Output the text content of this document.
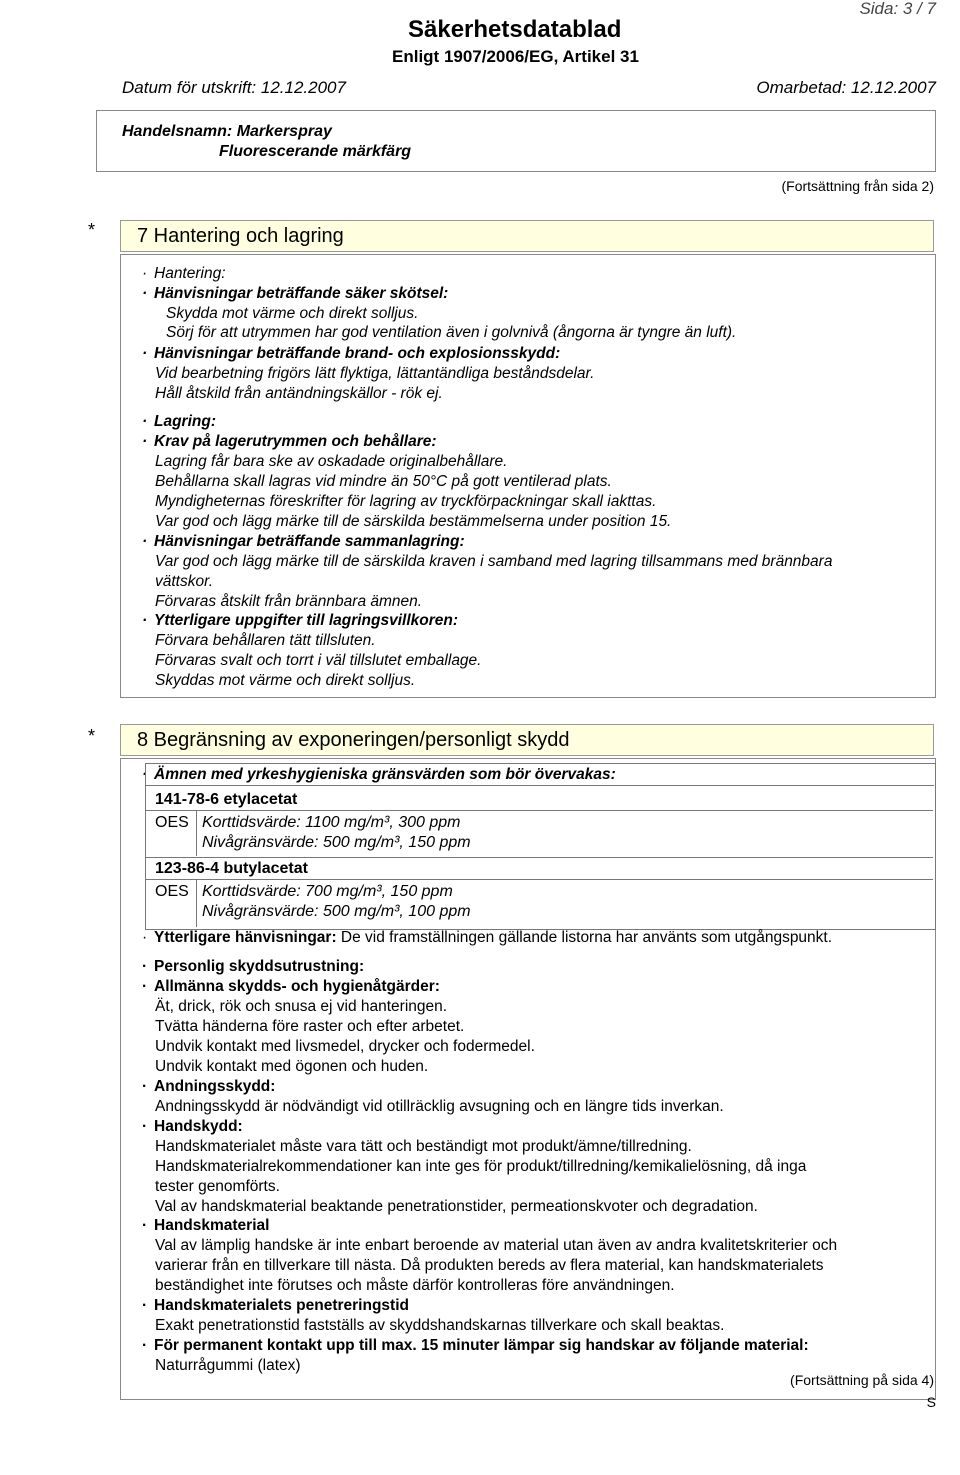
Sida: 3 / 7
Säkerhetsdatablad
Enligt 1907/2006/EG, Artikel 31
Datum för utskrift: 12.12.2007	Omarbetad: 12.12.2007
Handelsnamn: Markerspray
Fluorescerande märkfärg
(Fortsättning från sida 2)
*	7 Hantering och lagring
· Hantering:
· Hänvisningar beträffande säker skötsel:
Skydda mot värme och direkt solljus.
Sörj för att utrymmen har god ventilation även i golvnivå (ångorna är tyngre än luft).
· Hänvisningar beträffande brand- och explosionsskydd:
Vid bearbetning frigörs lätt flyktiga, lättantändliga beståndsdelar.
Håll åtskild från antändningskällor - rök ej.
· Lagring:
· Krav på lagerutrymmen och behållare:
Lagring får bara ske av oskadade originalbehållare.
Behållarna skall lagras vid mindre än 50°C på gott ventilerad plats.
Myndigheternas föreskrifter för lagring av tryckförpackningar skall iakttas.
Var god och lägg märke till de särskilda bestämmelserna under position 15.
· Hänvisningar beträffande sammanlagring:
Var god och lägg märke till de särskilda kraven i samband med lagring tillsammans med brännbara
vättskor.
Förvaras åtskilt från brännbara ämnen.
· Ytterligare uppgifter till lagringsvillkoren:
Förvara behållaren tätt tillsluten.
Förvaras svalt och torrt i väl tillslutet emballage.
Skyddas mot värme och direkt solljus.
*	8 Begränsning av exponeringen/personligt skydd
· Ämnen med yrkeshygieniska gränsvärden som bör övervakas:
141-78-6 etylacetat
OES Korttidsvärde: 1100 mg/m³, 300 ppm
Nivågränsvärde: 500 mg/m³, 150 ppm
123-86-4 butylacetat
OES Korttidsvärde: 700 mg/m³, 150 ppm
Nivågränsvärde: 500 mg/m³, 100 ppm
· Ytterligare hänvisningar: De vid framställningen gällande listorna har använts som utgångspunkt.
· Personlig skyddsutrustning:
· Allmänna skydds- och hygienåtgärder:
Ät, drick, rök och snusa ej vid hanteringen.
Tvätta händerna före raster och efter arbetet.
Undvik kontakt med livsmedel, drycker och fodermedel.
Undvik kontakt med ögonen och huden.
· Andningsskydd:
Andningsskydd är nödvändigt vid otillräcklig avsugning och en längre tids inverkan.
· Handskydd:
Handskmaterialet måste vara tätt och beständigt mot produkt/ämne/tillredning.
Handskmaterialrekommendationer kan inte ges för produkt/tillredning/kemikalielösning, då inga
tester genomförts.
Val av handskmaterial beaktande penetrationstider, permeationskvoter och degradation.
· Handskmaterial
Val av lämplig handske är inte enbart beroende av material utan även av andra kvalitetskriterier och
varierar från en tillverkare till nästa. Då produkten bereds av flera material, kan handskmaterialets
beständighet inte förutses och måste därför kontrolleras före användningen.
· Handskmaterialets penetreringstid
Exakt penetrationstid fastställs av skyddshandskarnas tillverkare och skall beaktas.
· För permanent kontakt upp till max. 15 minuter lämpar sig handskar av följande material:
Naturrågummi (latex)
(Fortsättning på sida 4)
S
